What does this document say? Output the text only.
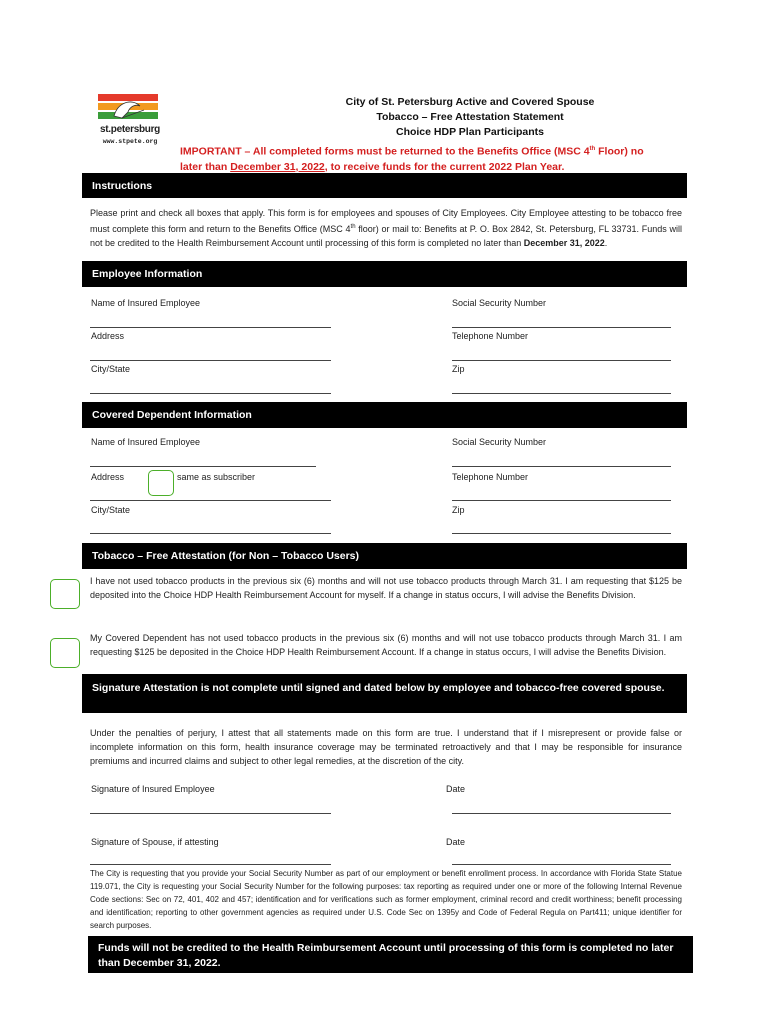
st.petersburg
www.stpete.org
City of St. Petersburg Active and Covered Spouse
Tobacco – Free Attestation Statement
Choice HDP Plan Participants
IMPORTANT – All completed forms must be returned to the Benefits Office (MSC 4th Floor) no
later than December 31, 2022, to receive funds for the current 2022 Plan Year.
Instructions
Please print and check all boxes that apply. This form is for employees and spouses of City Employees. City Employee attesting to be tobacco free must complete this form and return to the Benefits Office (MSC 4th floor) or mail to: Benefits at P. O. Box 2842, St. Petersburg, FL 33731. Funds will not be credited to the Health Reimbursement Account until processing of this form is completed no later than December 31, 2022.
Employee Information
Name of Insured Employee	Social Security Number
Address	Telephone Number
City/State	Zip
Covered Dependent Information
Name of Insured Employee	Social Security Number
Address	same as subscriber	Telephone Number
City/State	Zip
Tobacco – Free Attestation (for Non – Tobacco Users)
I have not used tobacco products in the previous six (6) months and will not use tobacco products through March 31. I am requesting that $125 be deposited into the Choice HDP Health Reimbursement Account for myself. If a change in status occurs, I will advise the Benefits Division.
My Covered Dependent has not used tobacco products in the previous six (6) months and will not use tobacco products through March 31. I am requesting $125 be deposited in the Choice HDP Health Reimbursement Account. If a change in status occurs, I will advise the Benefits Division.
Signature Attestation is not complete until signed and dated below by employee and tobacco-free covered spouse.
Under the penalties of perjury, I attest that all statements made on this form are true. I understand that if I misrepresent or provide false or incomplete information on this form, health insurance coverage may be terminated retroactively and that I may be responsible for insurance premiums and incurred claims and subject to other legal remedies, at the discretion of the city.
Signature of Insured Employee	Date
Signature of Spouse, if attesting	Date
The City is requesting that you provide your Social Security Number as part of our employment or benefit enrollment process. In accordance with Florida State Statue 119.071, the City is requesting your Social Security Number for the following purposes: tax reporting as required under one or more of the following Internal Revenue Code sections: Sec on 72, 401, 402 and 457; identification and for verifications such as former employment, criminal record and credit worthiness; benefit processing and identification; reporting to other government agencies as required under U.S. Code Sec on 1395y and Code of Federal Regula on Part411; unique identifier for search purposes.
Funds will not be credited to the Health Reimbursement Account until processing of this form is completed no later than December 31, 2022.
